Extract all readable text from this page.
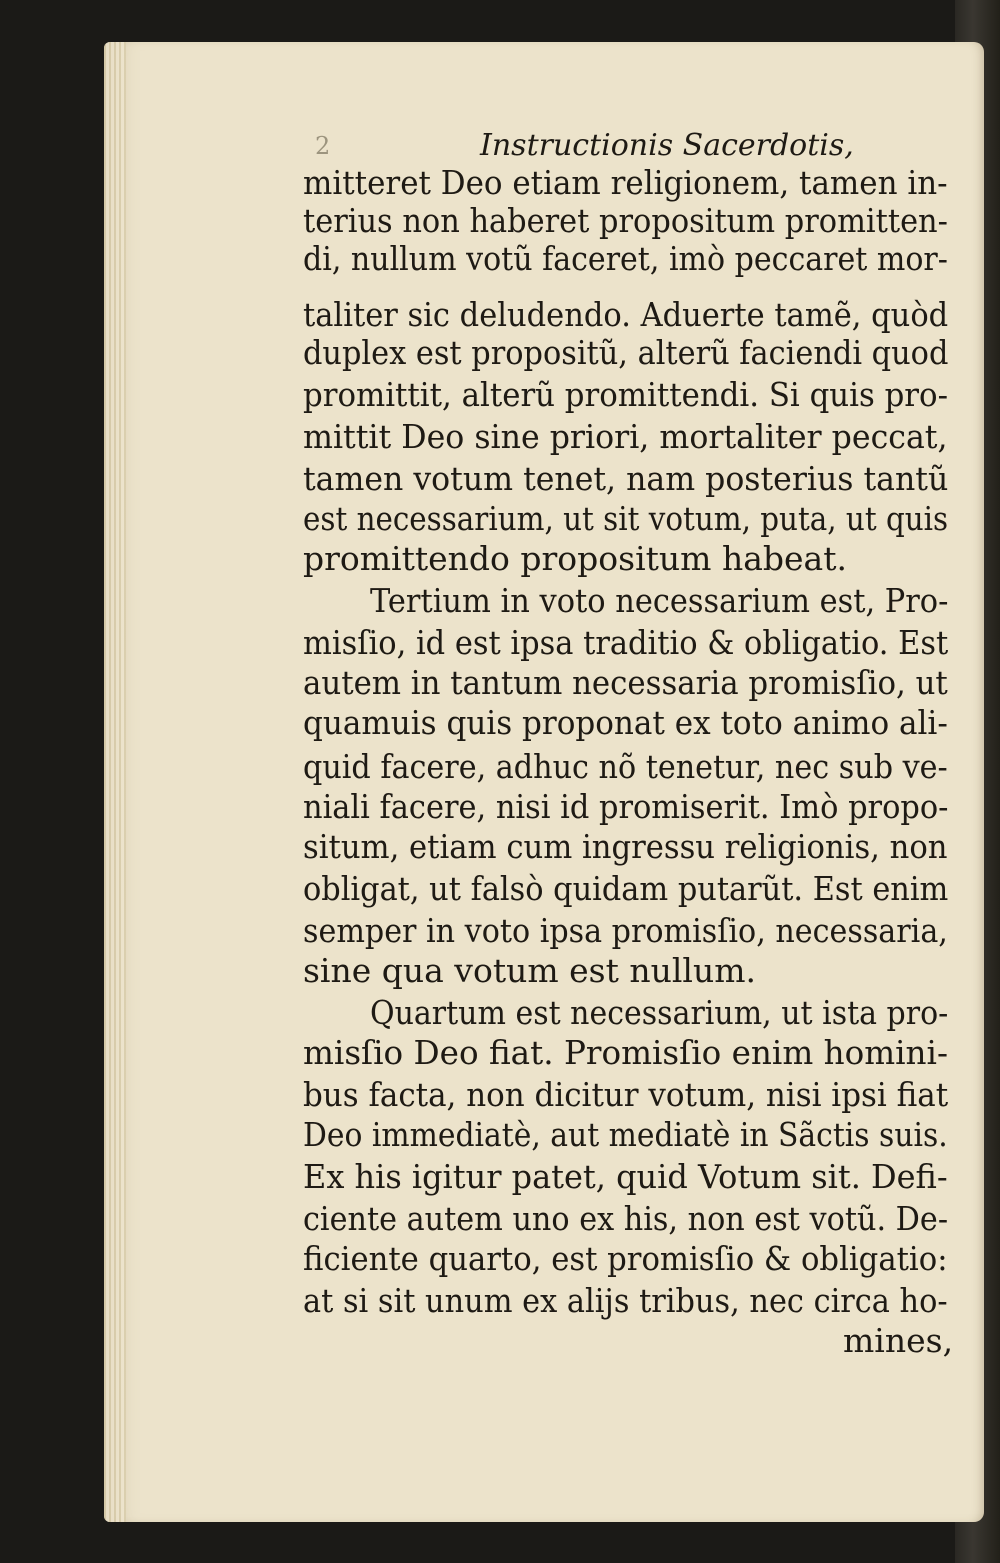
2	Instructionis Sacerdotis,
mitteret Deo etiam religionem, tamen in-
terius non haberet propositum promitten-
di, nullum votũ faceret, imò peccaret mor-
taliter sic deludendo. Aduerte tamẽ, quòd
duplex est propositũ, alterũ faciendi quod
promittit, alterũ promittendi. Si quis pro-
mittit Deo sine priori, mortaliter peccat,
tamen votum tenet, nam posterius tantũ
est necessarium, ut sit votum, puta, ut quis
promittendo propositum habeat.
Tertium in voto necessarium est, Pro-
misſio, id est ipsa traditio & obligatio. Est
autem in tantum necessaria promisſio, ut
quamuis quis proponat ex toto animo ali-
quid facere, adhuc nõ tenetur, nec sub ve-
niali facere, nisi id promiserit. Imò propo-
situm, etiam cum ingressu religionis, non
obligat, ut falsò quidam putarũt. Est enim
semper in voto ipsa promisſio, necessaria,
sine qua votum est nullum.
Quartum est necessarium, ut ista pro-
misſio Deo fiat. Promisſio enim homini-
bus facta, non dicitur votum, nisi ipsi fiat
Deo immediatè, aut mediatè in Sãctis suis.
Ex his igitur patet, quid Votum sit. Defi-
ciente autem uno ex his, non est votũ. De-
ficiente quarto, est promisſio & obligatio:
at si sit unum ex alijs tribus, nec circa ho-
mines,
